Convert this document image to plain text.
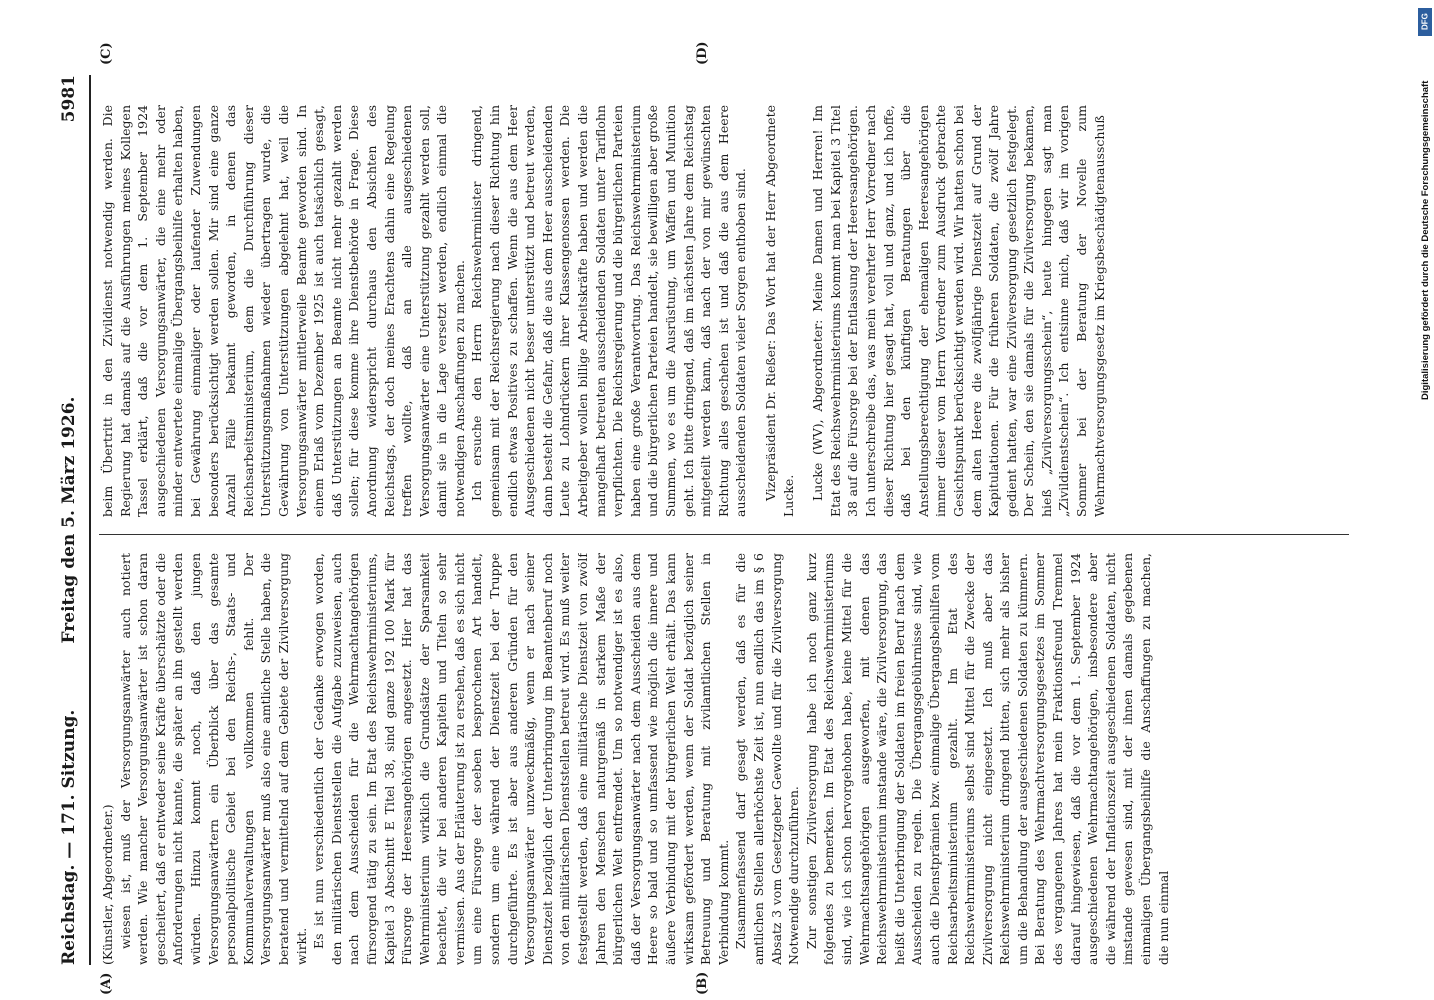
Reichstag. — 171. Sitzung.
Freitag den 5. März 1926.
5981
(A)	(B)
(C)	(D)

(Künstler, Abgeordneter.) wiesen ist, muß der Versorgungsanwärter auch notiert werden. Wie mancher Versorgungsanwärter ist schon daran gescheitert, daß er entweder seine Kräfte überschätzte oder die Anforderungen nicht kannte, die später an ihn gestellt werden würden. Hinzu kommt noch, daß den jungen Versorgungsanwärtern ein Überblick über das gesamte personalpolitische Gebiet bei den Reichs-, Staats- und Kommunalverwaltungen vollkommen fehlt. Der Versorgungsanwärter muß also eine amtliche Stelle haben, die beratend und vermittelnd auf dem Gebiete der Zivilversorgung wirkt. Es ist nun verschiedentlich der Gedanke erwogen worden, den militärischen Dienststellen die Aufgabe zuzuweisen, auch nach dem Ausscheiden für die Wehrmachtangehörigen fürsorgend tätig zu sein. Im Etat des Reichswehrministeriums, Kapitel 3 Abschnitt E Titel 38, sind ganze 192 100 Mark für Fürsorge der Heeresangehörigen angesetzt. Hier hat das Wehrministerium wirklich die Grundsätze der Sparsamkeit beachtet, die wir bei anderen Kapiteln und Titeln so sehr vermissen. Aus der Erläuterung ist zu ersehen, daß es sich nicht um eine Fürsorge der soeben besprochenen Art handelt, sondern um eine während der Dienstzeit bei der Truppe durchgeführte. Es ist aber aus anderen Gründen für den Versorgungsanwärter unzweckmäßig, wenn er nach seiner Dienstzeit bezüglich der Unterbringung im Beamtenberuf noch von den militärischen Dienststellen betreut wird. Es muß weiter festgestellt werden, daß eine militärische Dienstzeit von zwölf Jahren den Menschen naturgemäß in starkem Maße der bürgerlichen Welt entfremdet. Um so notwendiger ist es also, daß der Versorgungsanwärter nach dem Ausscheiden aus dem Heere so bald und so umfassend wie möglich die innere und äußere Verbindung mit der bürgerlichen Welt erhält. Das kann wirksam gefördert werden, wenn der Soldat bezüglich seiner Betreuung und Beratung mit zivilamtlichen Stellen in Verbindung kommt. Zusammenfassend darf gesagt werden, daß es für die amtlichen Stellen allerhöchste Zeit ist, nun endlich das im § 6 Absatz 3 vom Gesetzgeber Gewollte und für die Zivilversorgung Notwendige durchzuführen. Zur sonstigen Zivilversorgung habe ich noch ganz kurz folgendes zu bemerken. Im Etat des Reichswehrministeriums sind, wie ich schon hervorgehoben habe, keine Mittel für die Wehrmachtsangehörigen ausgeworfen, mit denen das Reichswehrministerium imstande wäre, die Zivilversorgung, das heißt die Unterbringung der Soldaten im freien Beruf nach dem Ausscheiden zu regeln. Die Übergangsgebührnisse sind, wie auch die Dienstprämien bzw. einmalige Übergangsbeihilfen vom Reichsarbeitsministerium gezahlt. Im Etat des Reichswehrministeriums selbst sind Mittel für die Zwecke der Zivilversorgung nicht eingesetzt. Ich muß aber das Reichswehrministerium dringend bitten, sich mehr als bisher um die Behandlung der ausgeschiedenen Soldaten zu kümmern. Bei Beratung des Wehrmachtversorgungsgesetzes im Sommer des vergangenen Jahres hat mein Fraktionsfreund Tremmel darauf hingewiesen, daß die vor dem 1. September 1924 ausgeschiedenen Wehrmachtangehörigen, insbesondere aber die während der Inflationszeit ausgeschiedenen Soldaten, nicht imstande gewesen sind, mit der ihnen damals gegebenen einmaligen Übergangsbeihilfe die Anschaffungen zu machen, die nun einmal

beim Übertritt in den Zivildienst notwendig werden. Die Regierung hat damals auf die Ausführungen meines Kollegen Tassel erklärt, daß die vor dem 1. September 1924 ausgeschiedenen Versorgungsanwärter, die eine mehr oder minder entwertete einmalige Übergangsbeihilfe erhalten haben, bei Gewährung einmaliger oder laufender Zuwendungen besonders berücksichtigt werden sollen. Mir sind eine ganze Anzahl Fälle bekannt geworden, in denen das Reichsarbeitsministerium, dem die Durchführung dieser Unterstützungsmaßnahmen wieder übertragen wurde, die Gewährung von Unterstützungen abgelehnt hat, weil die Versorgungsanwärter mittlerweile Beamte geworden sind. In einem Erlaß vom Dezember 1925 ist auch tatsächlich gesagt, daß Unterstützungen an Beamte nicht mehr gezahlt werden sollen; für diese komme ihre Dienstbehörde in Frage. Diese Anordnung widerspricht durchaus den Absichten des Reichstags, der doch meines Erachtens dahin eine Regelung treffen wollte, daß an alle ausgeschiedenen Versorgungsanwärter eine Unterstützung gezahlt werden soll, damit sie in die Lage versetzt werden, endlich einmal die notwendigen Anschaffungen zu machen. Ich ersuche den Herrn Reichswehrminister dringend, gemeinsam mit der Reichsregierung nach dieser Richtung hin endlich etwas Positives zu schaffen. Wenn die aus dem Heer Ausgeschiedenen nicht besser unterstützt und betreut werden, dann besteht die Gefahr, daß die aus dem Heer ausscheidenden Leute zu Lohndrückern ihrer Klassengenossen werden. Die Arbeitgeber wollen billige Arbeitskräfte haben und werden die mangelhaft betreuten ausscheidenden Soldaten unter Tariflohn verpflichten. Die Reichsregierung und die bürgerlichen Parteien haben eine große Verantwortung. Das Reichswehrministerium und die bürgerlichen Parteien handelt, sie bewilligen aber große Summen, wo es um die Ausrüstung, um Waffen und Munition geht. Ich bitte dringend, daß im nächsten Jahre dem Reichstag mitgeteilt werden kann, daß nach der von mir gewünschten Richtung alles geschehen ist und daß die aus dem Heere ausscheidenden Soldaten vieler Sorgen enthoben sind. Vizepräsident Dr. Rießer: Das Wort hat der Herr Abgeordnete Lucke. Lucke (WV), Abgeordneter: Meine Damen und Herren! Im Etat des Reichswehrministeriums kommt man bei Kapitel 3 Titel 38 auf die Fürsorge bei der Entlassung der Heeresangehörigen. Ich unterschreibe das, was mein verehrter Herr Vorredner nach dieser Richtung hier gesagt hat, voll und ganz, und ich hoffe, daß bei den künftigen Beratungen über die Anstellungsberechtigung der ehemaligen Heeresangehörigen immer dieser vom Herrn Vorredner zum Ausdruck gebrachte Gesichtspunkt berücksichtigt werden wird. Wir hatten schon bei dem alten Heere die zwölfjährige Dienstzeit auf Grund der Kapitulationen. Für die früheren Soldaten, die zwölf Jahre gedient hatten, war eine Zivilversorgung gesetzlich festgelegt. Der Schein, den sie damals für die Zivilversorgung bekamen, hieß „Zivilversorgungsschein“, heute hingegen sagt man „Zivildienstschein“. Ich entsinne mich, daß wir im vorigen Sommer bei der Beratung der Novelle zum Wehrmachtversorgungsgesetz im Kriegsbeschädigtenausschuß

DFG
Digitalisierung gefördert durch die Deutsche Forschungsgemeinschaft
